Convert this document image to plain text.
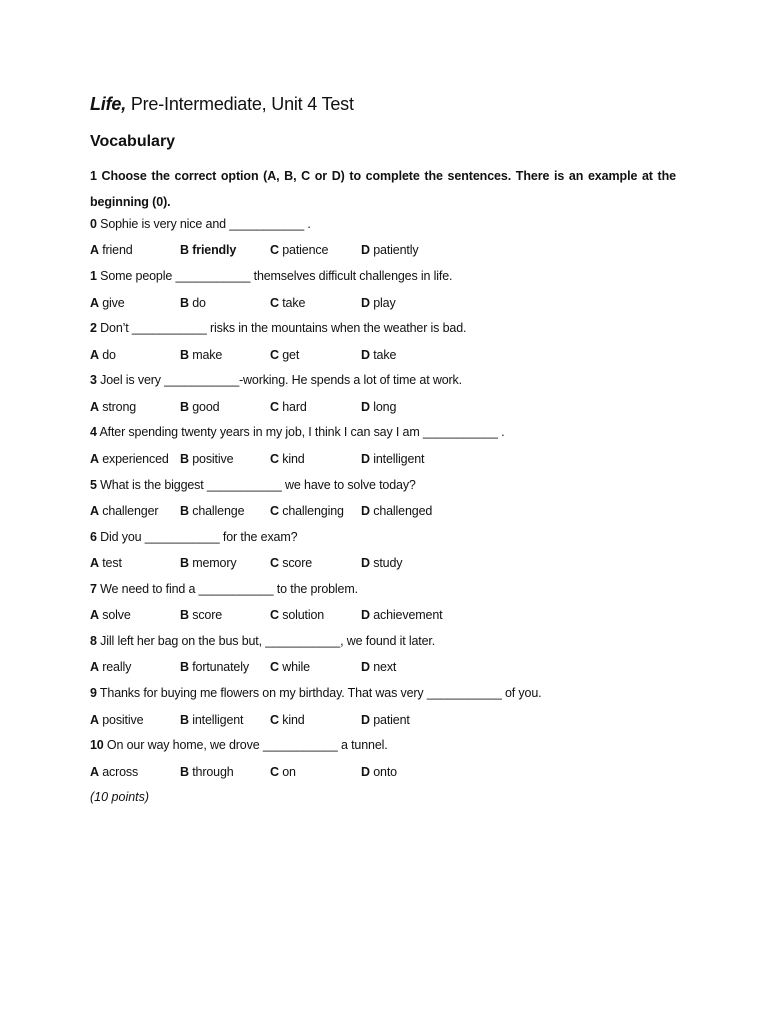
Life, Pre-Intermediate, Unit 4 Test
Vocabulary

1 Choose the correct option (A, B, C or D) to complete the sentences. There is an example at the beginning (0).

0 Sophie is very nice and ___________ .
A friend	B friendly	C patience	D patiently
1 Some people ___________ themselves difficult challenges in life.
A give	B do	C take	D play
2 Don’t ___________ risks in the mountains when the weather is bad.
A do	B make	C get	D take
3 Joel is very ___________-working. He spends a lot of time at work.
A strong	B good	C hard	D long
4 After spending twenty years in my job, I think I can say I am ___________ .
A experienced B positive	C kind	D intelligent
5 What is the biggest ___________ we have to solve today?
A challenger B challenge C challenging D challenged
6 Did you ___________ for the exam?
A test	B memory	C score	D study
7 We need to find a ___________ to the problem.
A solve	B score	C solution	D achievement
8 Jill left her bag on the bus but, ___________, we found it later.
A really	B fortunately C while	D next
9 Thanks for buying me flowers on my birthday. That was very ___________ of you.
A positive	B intelligent C kind	D patient
10 On our way home, we drove ___________ a tunnel.
A across	B through	C on	D onto
(10 points)
